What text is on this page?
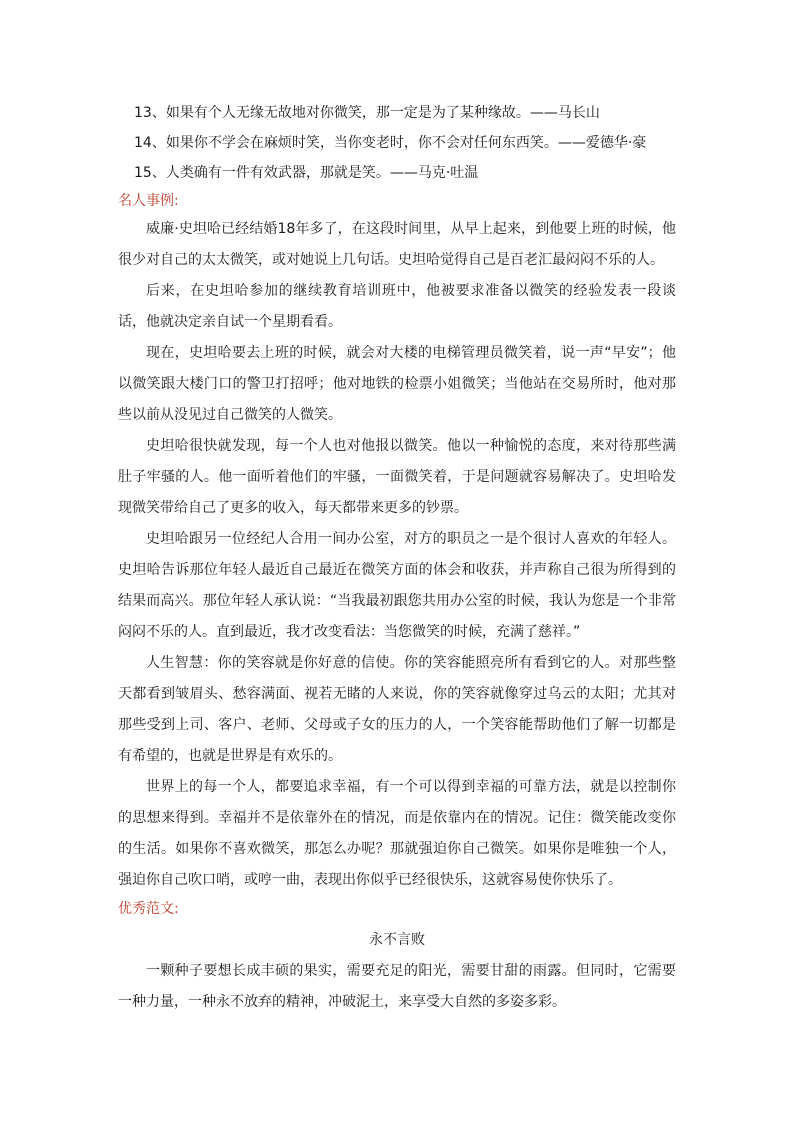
13、如果有个人无缘无故地对你微笑，那一定是为了某种缘故。——马长山
14、如果你不学会在麻烦时笑，当你变老时，你不会对任何东西笑。——爱德华·豪
15、人类确有一件有效武器，那就是笑。——马克·吐温
名人事例:

威廉·史坦哈已经结婚18年多了，在这段时间里，从早上起来，到他要上班的时候，他很少对自己的太太微笑，或对她说上几句话。史坦哈觉得自己是百老汇最闷闷不乐的人。

后来，在史坦哈参加的继续教育培训班中，他被要求准备以微笑的经验发表一段谈话，他就决定亲自试一个星期看看。

现在，史坦哈要去上班的时候，就会对大楼的电梯管理员微笑着，说一声“早安”；他以微笑跟大楼门口的警卫打招呼；他对地铁的检票小姐微笑；当他站在交易所时，他对那些以前从没见过自己微笑的人微笑。

史坦哈很快就发现，每一个人也对他报以微笑。他以一种愉悦的态度，来对待那些满肚子牢骚的人。他一面听着他们的牢骚，一面微笑着，于是问题就容易解决了。史坦哈发现微笑带给自己了更多的收入，每天都带来更多的钞票。

史坦哈跟另一位经纪人合用一间办公室，对方的职员之一是个很讨人喜欢的年轻人。史坦哈告诉那位年轻人最近自己最近在微笑方面的体会和收获，并声称自己很为所得到的结果而高兴。那位年轻人承认说：“当我最初跟您共用办公室的时候，我认为您是一个非常闷闷不乐的人。直到最近，我才改变看法：当您微笑的时候，充满了慈祥。”

人生智慧：你的笑容就是你好意的信使。你的笑容能照亮所有看到它的人。对那些整天都看到皱眉头、愁容满面、视若无睹的人来说，你的笑容就像穿过乌云的太阳；尤其对那些受到上司、客户、老师、父母或子女的压力的人，一个笑容能帮助他们了解一切都是有希望的，也就是世界是有欢乐的。

世界上的每一个人，都要追求幸福，有一个可以得到幸福的可靠方法，就是以控制你的思想来得到。幸福并不是依靠外在的情况，而是依靠内在的情况。记住：微笑能改变你的生活。如果你不喜欢微笑，那怎么办呢？那就强迫你自己微笑。如果你是唯独一个人，强迫你自己吹口哨，或哼一曲，表现出你似乎已经很快乐，这就容易使你快乐了。

优秀范文:
永不言败

一颗种子要想长成丰硕的果实，需要充足的阳光，需要甘甜的雨露。但同时，它需要一种力量，一种永不放弃的精神，冲破泥土，来享受大自然的多姿多彩。
